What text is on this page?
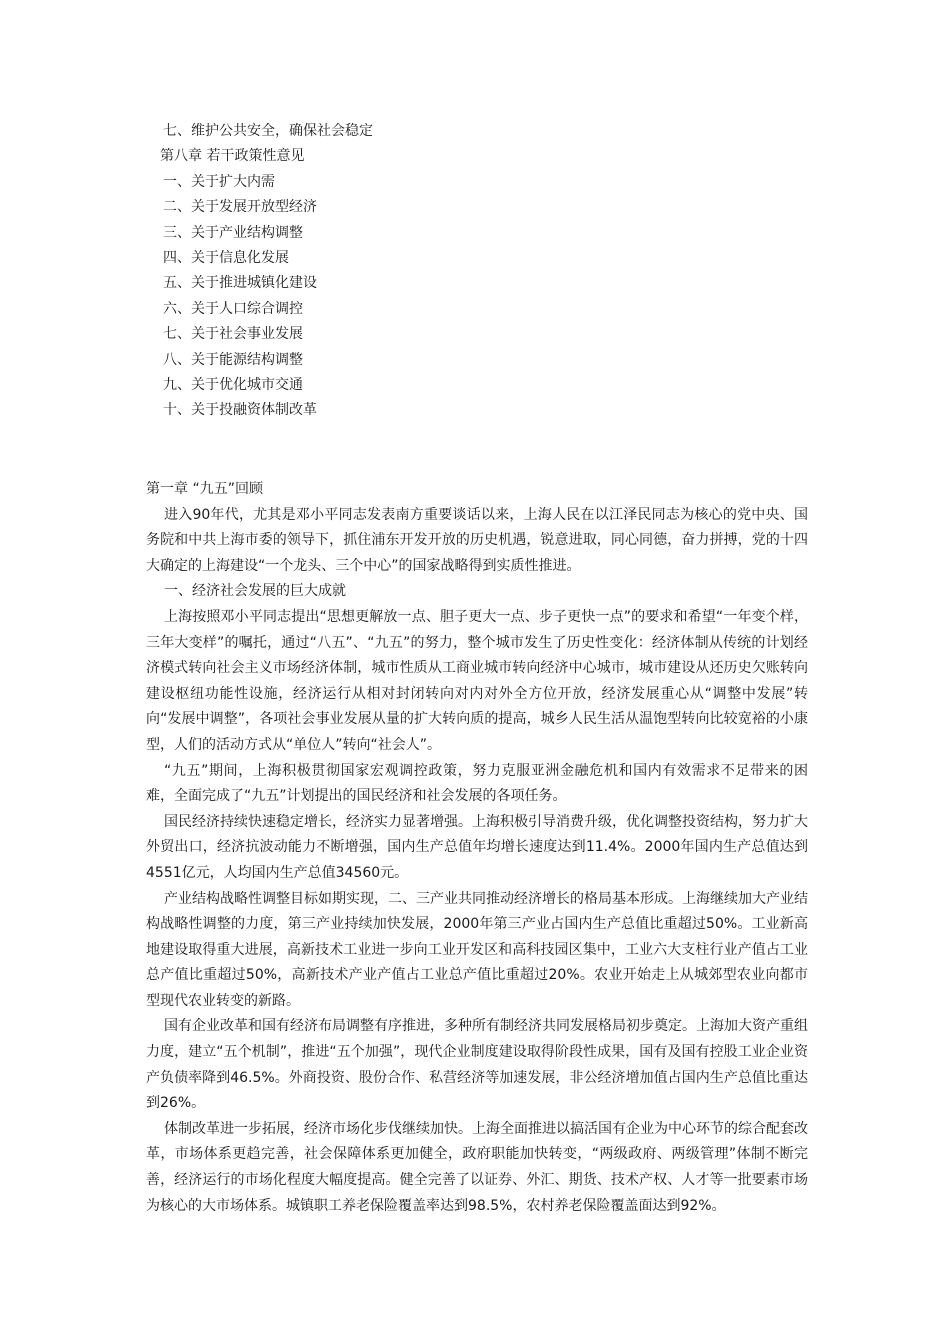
七、维护公共安全，确保社会稳定
第八章 若干政策性意见
一、关于扩大内需
二、关于发展开放型经济
三、关于产业结构调整
四、关于信息化发展
五、关于推进城镇化建设
六、关于人口综合调控
七、关于社会事业发展
八、关于能源结构调整
九、关于优化城市交通
十、关于投融资体制改革
第一章 “九五”回顾

进入90年代，尤其是邓小平同志发表南方重要谈话以来，上海人民在以江泽民同志为核心的党中央、国务院和中共上海市委的领导下，抓住浦东开发开放的历史机遇，锐意进取，同心同德，奋力拼搏，党的十四大确定的上海建设“一个龙头、三个中心”的国家战略得到实质性推进。

一、经济社会发展的巨大成就

上海按照邓小平同志提出“思想更解放一点、胆子更大一点、步子更快一点”的要求和希望“一年变个样，三年大变样”的嘱托，通过“八五”、“九五”的努力，整个城市发生了历史性变化：经济体制从传统的计划经济模式转向社会主义市场经济体制，城市性质从工商业城市转向经济中心城市，城市建设从还历史欠账转向建设枢纽功能性设施，经济运行从相对封闭转向对内对外全方位开放，经济发展重心从“调整中发展”转向“发展中调整”，各项社会事业发展从量的扩大转向质的提高，城乡人民生活从温饱型转向比较宽裕的小康型，人们的活动方式从“单位人”转向“社会人”。

“九五”期间，上海积极贯彻国家宏观调控政策，努力克服亚洲金融危机和国内有效需求不足带来的困难，全面完成了“九五”计划提出的国民经济和社会发展的各项任务。

国民经济持续快速稳定增长，经济实力显著增强。上海积极引导消费升级，优化调整投资结构，努力扩大外贸出口，经济抗波动能力不断增强，国内生产总值年均增长速度达到11.4%。2000年国内生产总值达到4551亿元，人均国内生产总值34560元。

产业结构战略性调整目标如期实现，二、三产业共同推动经济增长的格局基本形成。上海继续加大产业结构战略性调整的力度，第三产业持续加快发展，2000年第三产业占国内生产总值比重超过50%。工业新高地建设取得重大进展，高新技术工业进一步向工业开发区和高科技园区集中，工业六大支柱行业产值占工业总产值比重超过50%，高新技术产业产值占工业总产值比重超过20%。农业开始走上从城郊型农业向都市型现代农业转变的新路。

国有企业改革和国有经济布局调整有序推进，多种所有制经济共同发展格局初步奠定。上海加大资产重组力度，建立“五个机制”，推进“五个加强”，现代企业制度建设取得阶段性成果，国有及国有控股工业企业资产负债率降到46.5%。外商投资、股份合作、私营经济等加速发展，非公经济增加值占国内生产总值比重达到26%。

体制改革进一步拓展，经济市场化步伐继续加快。上海全面推进以搞活国有企业为中心环节的综合配套改革，市场体系更趋完善，社会保障体系更加健全，政府职能加快转变，“两级政府、两级管理”体制不断完善，经济运行的市场化程度大幅度提高。健全完善了以证券、外汇、期货、技术产权、人才等一批要素市场为核心的大市场体系。城镇职工养老保险覆盖率达到98.5%，农村养老保险覆盖面达到92%。
